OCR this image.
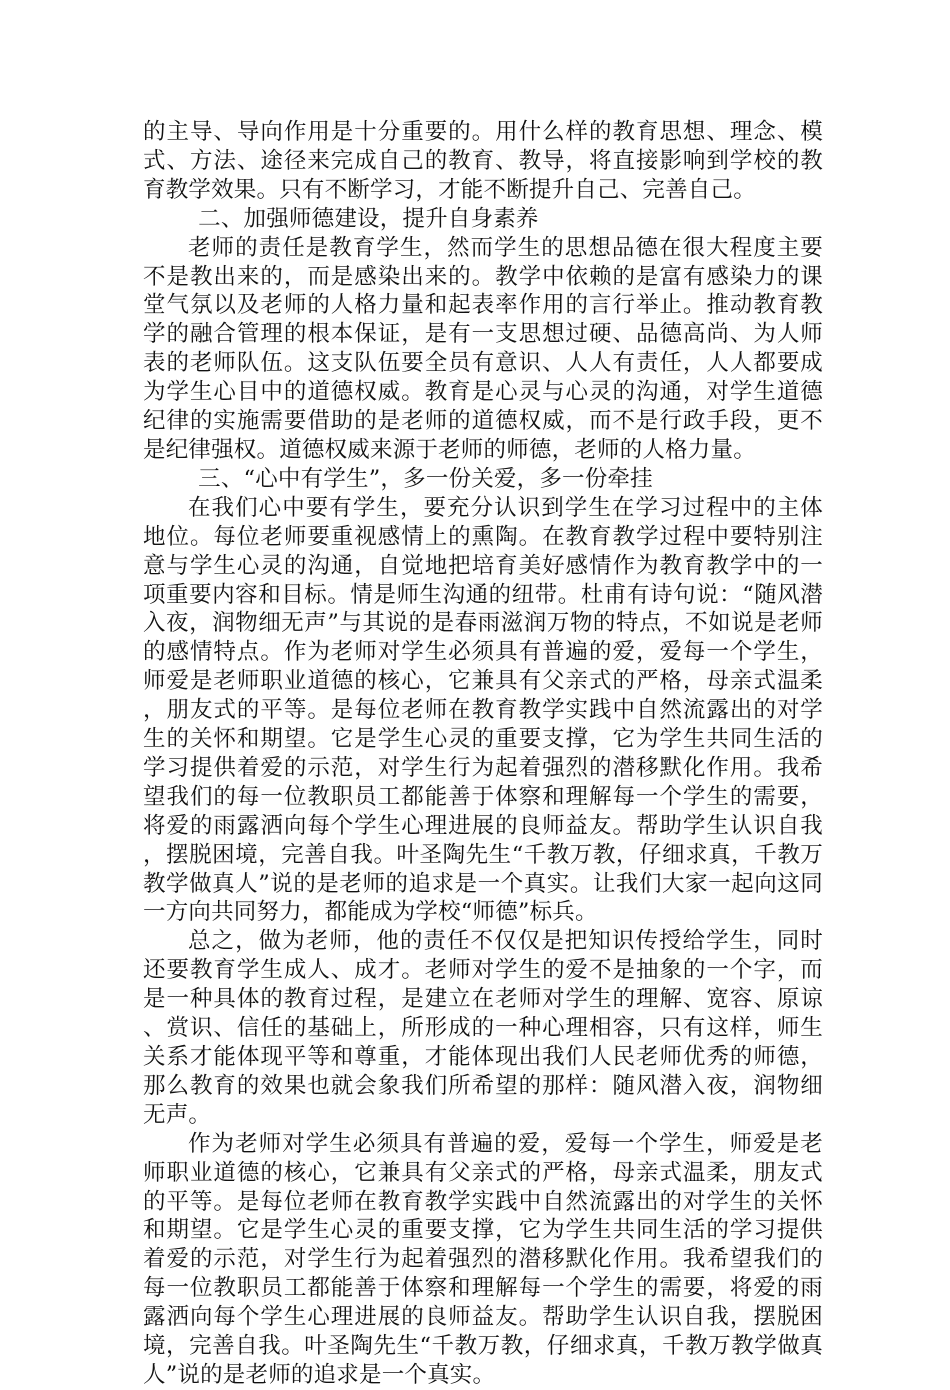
的主导、导向作用是十分重要的。用什么样的教育思想、理念、模式、方法、途径来完成自己的教育、教导，将直接影响到学校的教育教学效果。只有不断学习，才能不断提升自己、完善自己。

二、加强师德建设，提升自身素养

老师的责任是教育学生，然而学生的思想品德在很大程度主要不是教出来的，而是感染出来的。教学中依赖的是富有感染力的课堂气氛以及老师的人格力量和起表率作用的言行举止。推动教育教学的融合管理的根本保证，是有一支思想过硬、品德高尚、为人师表的老师队伍。这支队伍要全员有意识、人人有责任，人人都要成为学生心目中的道德权威。教育是心灵与心灵的沟通，对学生道德纪律的实施需要借助的是老师的道德权威，而不是行政手段，更不是纪律强权。道德权威来源于老师的师德，老师的人格力量。

三、“心中有学生”，多一份关爱，多一份牵挂

在我们心中要有学生，要充分认识到学生在学习过程中的主体地位。每位老师要重视感情上的熏陶。在教育教学过程中要特别注意与学生心灵的沟通，自觉地把培育美好感情作为教育教学中的一项重要内容和目标。情是师生沟通的纽带。杜甫有诗句说：“随风潜入夜，润物细无声”与其说的是春雨滋润万物的特点，不如说是老师的感情特点。作为老师对学生必须具有普遍的爱，爱每一个学生，师爱是老师职业道德的核心，它兼具有父亲式的严格，母亲式温柔，朋友式的平等。是每位老师在教育教学实践中自然流露出的对学生的关怀和期望。它是学生心灵的重要支撑，它为学生共同生活的学习提供着爱的示范，对学生行为起着强烈的潜移默化作用。我希望我们的每一位教职员工都能善于体察和理解每一个学生的需要，将爱的雨露洒向每个学生心理进展的良师益友。帮助学生认识自我，摆脱困境，完善自我。叶圣陶先生“千教万教，仔细求真，千教万教学做真人”说的是老师的追求是一个真实。让我们大家一起向这同一方向共同努力，都能成为学校“师德”标兵。

总之，做为老师，他的责任不仅仅是把知识传授给学生，同时还要教育学生成人、成才。老师对学生的爱不是抽象的一个字，而是一种具体的教育过程，是建立在老师对学生的理解、宽容、原谅、赏识、信任的基础上，所形成的一种心理相容，只有这样，师生关系才能体现平等和尊重，才能体现出我们人民老师优秀的师德，那么教育的效果也就会象我们所希望的那样：随风潜入夜，润物细无声。

作为老师对学生必须具有普遍的爱，爱每一个学生，师爱是老师职业道德的核心，它兼具有父亲式的严格，母亲式温柔，朋友式的平等。是每位老师在教育教学实践中自然流露出的对学生的关怀和期望。它是学生心灵的重要支撑，它为学生共同生活的学习提供着爱的示范，对学生行为起着强烈的潜移默化作用。我希望我们的每一位教职员工都能善于体察和理解每一个学生的需要，将爱的雨露洒向每个学生心理进展的良师益友。帮助学生认识自我，摆脱困境，完善自我。叶圣陶先生“千教万教，仔细求真，千教万教学做真人”说的是老师的追求是一个真实。
